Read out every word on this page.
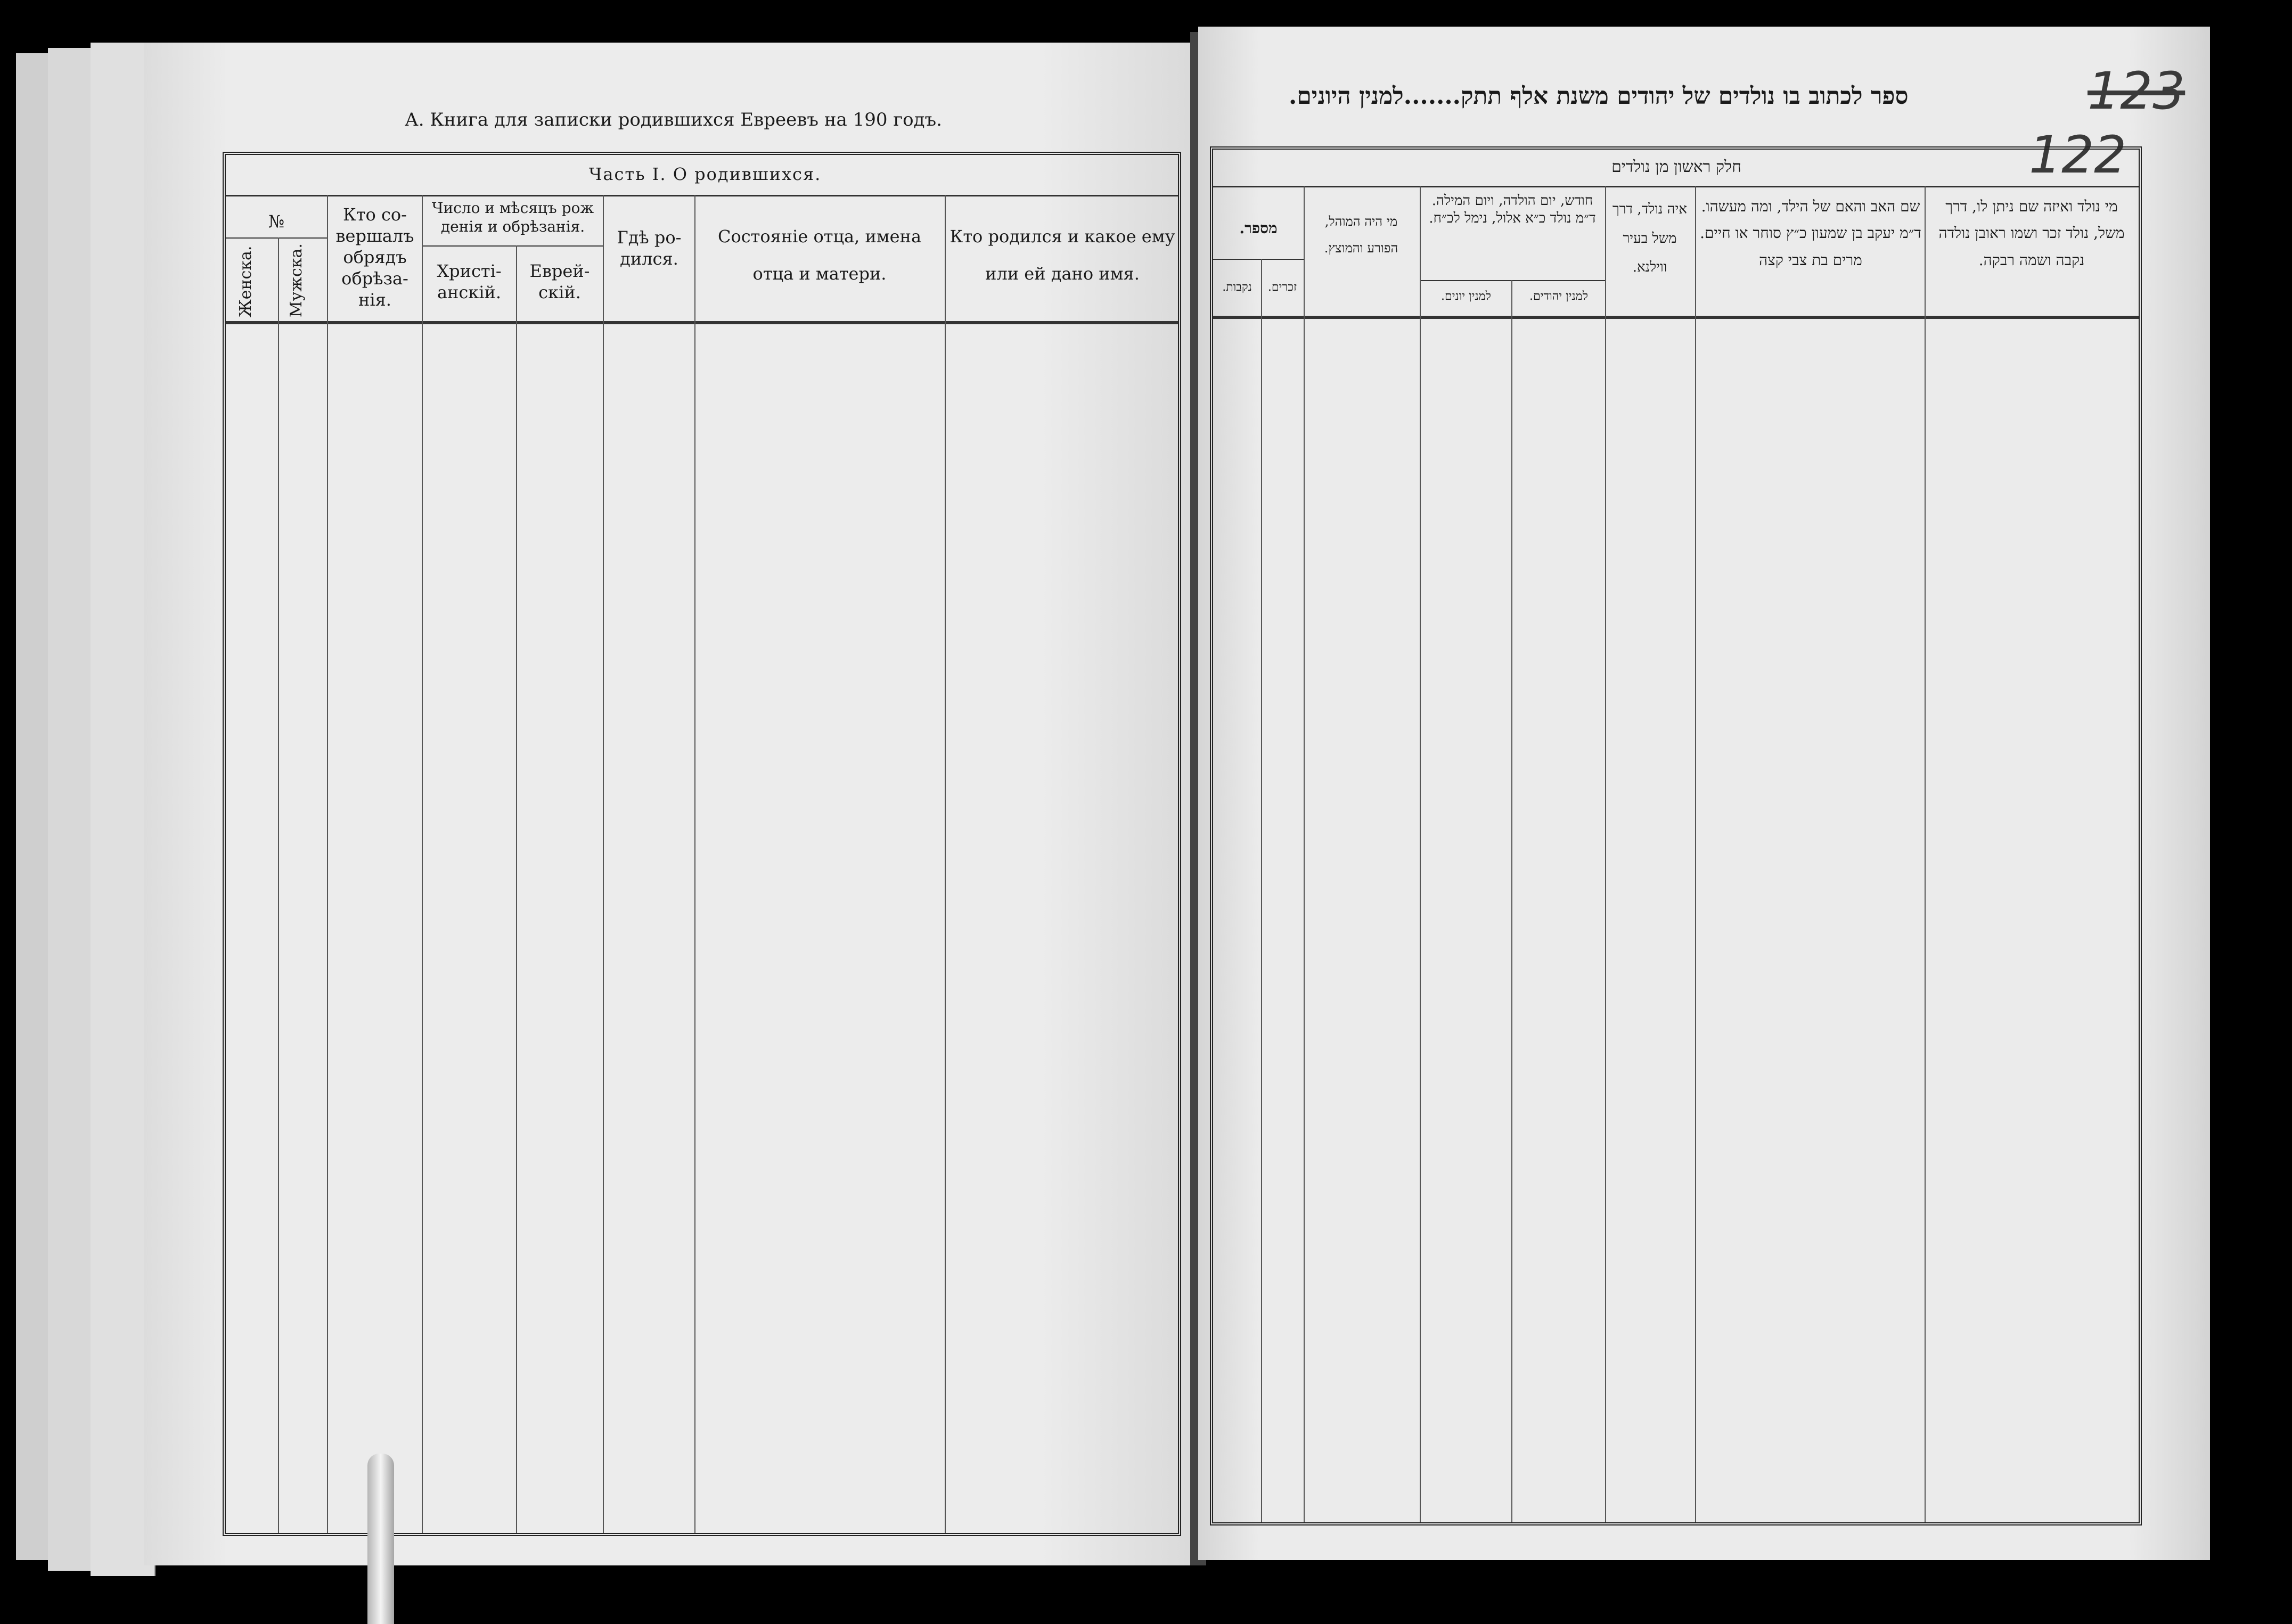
А. Книга для записки родившихся Евреевъ на 190 годъ.
Часть I. О родившихся.
№
Женска. Мужска.
Кто со-вершалъ обрядъ обрѣза-нія.
Число и мѣсяцъ рож денія и обрѣзанія.
Христі-анскій.
Еврей-скій.
Гдѣ ро-дился.
Состояніе отца, имена отца и матери.
Кто родился и какое ему или ей дано имя.
ספר לכתוב בו נולדים של יהודים משנת אלף תתק.......למנין היונים.	123
122
חלק ראשון מן נולדים
מספר.
זכרים.
נקבות.
מי היה המוהל, הפורע והמוצץ.
חודש, יום הולדה, ויום המילה. ד״מ נולד כ״א אלול, נימל לכ״ח.
למנין יהודים.
למנין יונים.
איה נולד, דרך משל בעיר ווילנא.
שם האב והאם של הילד, ומה מעשהו. ד״מ יעקב בן שמעון כ״ץ סוחר או חיים. מרים בת צבי קצה
מי נולד ואיזה שם ניתן לו, דרך משל, נולד זכר ושמו ראובן נולדה נקבה ושמה רבקה.
